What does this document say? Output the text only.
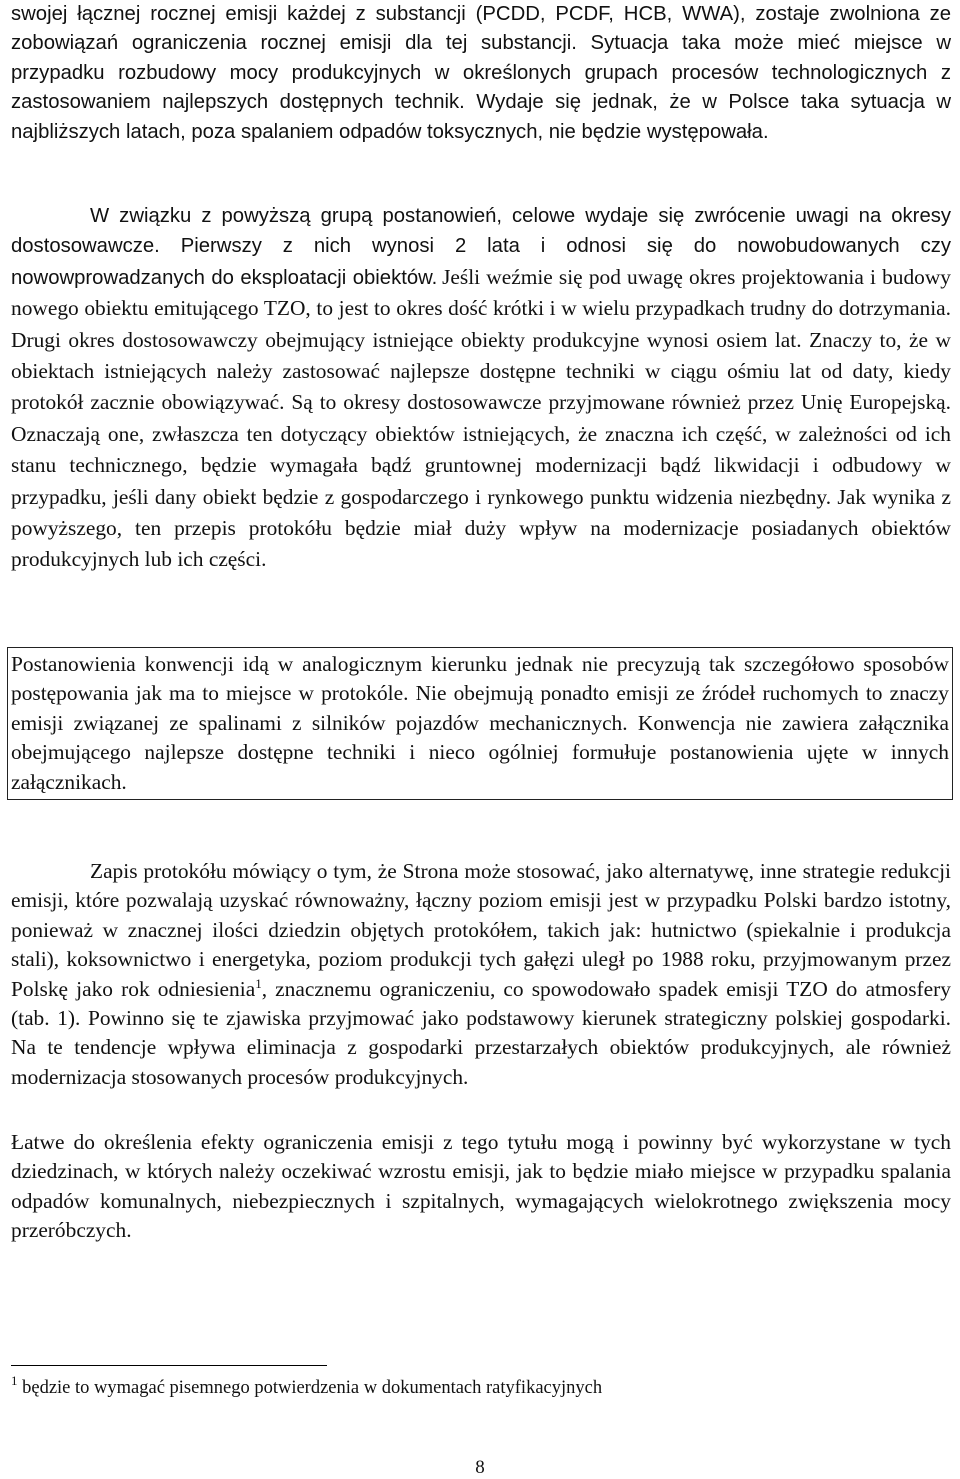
swojej łącznej rocznej emisji każdej z substancji (PCDD, PCDF, HCB, WWA), zostaje zwolniona ze zobowiązań ograniczenia rocznej emisji dla tej substancji. Sytuacja taka może mieć miejsce w przypadku rozbudowy mocy produkcyjnych w określonych grupach procesów technologicznych z zastosowaniem najlepszych dostępnych technik. Wydaje się jednak, że w Polsce taka sytuacja w najbliższych latach, poza spalaniem odpadów toksycznych, nie będzie występowała.

W związku z powyższą grupą postanowień, celowe wydaje się zwrócenie uwagi na okresy dostosowawcze. Pierwszy z nich wynosi 2 lata i odnosi się do nowobudowanych czy nowowprowadzanych do eksploatacji obiektów. Jeśli weźmie się pod uwagę okres projektowania i budowy nowego obiektu emitującego TZO, to jest to okres dość krótki i w wielu przypadkach trudny do dotrzymania. Drugi okres dostosowawczy obejmujący istniejące obiekty produkcyjne wynosi osiem lat. Znaczy to, że w obiektach istniejących należy zastosować najlepsze dostępne techniki w ciągu ośmiu lat od daty, kiedy protokół zacznie obowiązywać. Są to okresy dostosowawcze przyjmowane również przez Unię Europejską. Oznaczają one, zwłaszcza ten dotyczący obiektów istniejących, że znaczna ich część, w zależności od ich stanu technicznego, będzie wymagała bądź gruntownej modernizacji bądź likwidacji i odbudowy w przypadku, jeśli dany obiekt będzie z gospodarczego i rynkowego punktu widzenia niezbędny. Jak wynika z powyższego, ten przepis protokółu będzie miał duży wpływ na modernizacje posiadanych obiektów produkcyjnych lub ich części.

Postanowienia konwencji idą w analogicznym kierunku jednak nie precyzują tak szczegółowo sposobów postępowania jak ma to miejsce w protokóle. Nie obejmują ponadto emisji ze źródeł ruchomych to znaczy emisji związanej ze spalinami z silników pojazdów mechanicznych. Konwencja nie zawiera załącznika obejmującego najlepsze dostępne techniki i nieco ogólniej formułuje postanowienia ujęte w innych załącznikach.

Zapis protokółu mówiący o tym, że Strona może stosować, jako alternatywę, inne strategie redukcji emisji, które pozwalają uzyskać równoważny, łączny poziom emisji jest w przypadku Polski bardzo istotny, ponieważ w znacznej ilości dziedzin objętych protokółem, takich jak: hutnictwo (spiekalnie i produkcja stali), koksownictwo i energetyka, poziom produkcji tych gałęzi uległ po 1988 roku, przyjmowanym przez Polskę jako rok odniesienia$^1$, znacznemu ograniczeniu, co spowodowało spadek emisji TZO do atmosfery (tab. 1). Powinno się te zjawiska przyjmować jako podstawowy kierunek strategiczny polskiej gospodarki. Na te tendencje wpływa eliminacja z gospodarki przestarzałych obiektów produkcyjnych, ale również modernizacja stosowanych procesów produkcyjnych.

Łatwe do określenia efekty ograniczenia emisji z tego tytułu mogą i powinny być wykorzystane w tych dziedzinach, w których należy oczekiwać wzrostu emisji, jak to będzie miało miejsce w przypadku spalania odpadów komunalnych, niebezpiecznych i szpitalnych, wymagających wielokrotnego zwiększenia mocy przeróbczych.

$^1$ będzie to wymagać pisemnego potwierdzenia w dokumentach ratyfikacyjnych

8
